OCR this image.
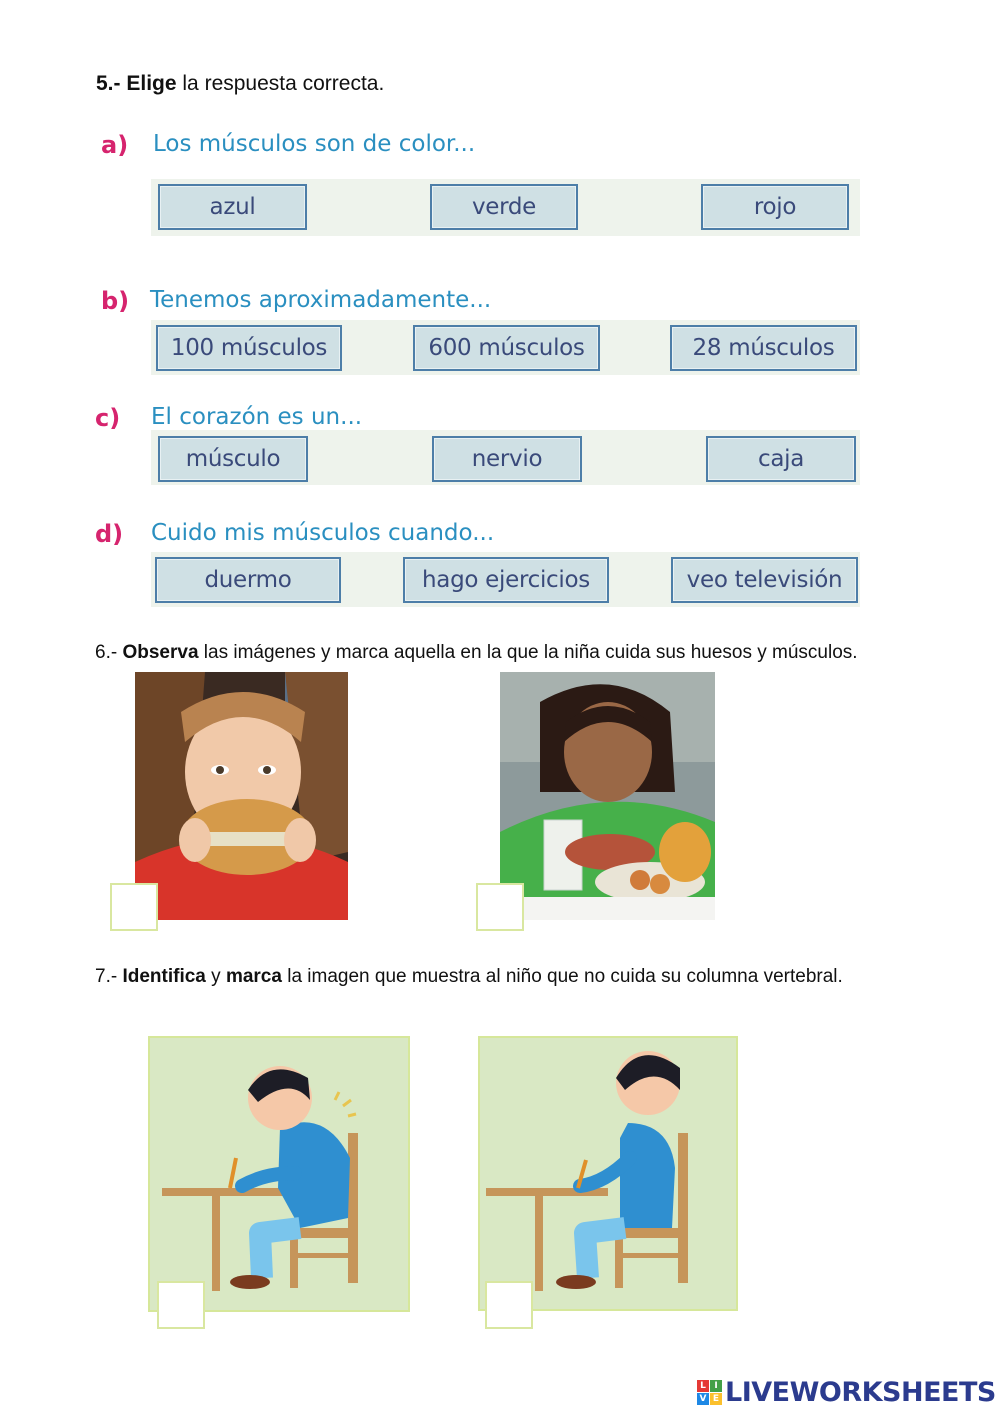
5.- Elige la respuesta correcta.
a) Los músculos son de color...
azul	verde	rojo
b) Tenemos aproximadamente...
100 músculos	600 músculos	28 músculos
c) El corazón es un...
músculo	nervio	caja
d) Cuido mis músculos cuando...
duermo	hago ejercicios	veo televisión
6.- Observa las imágenes y marca aquella en la que la niña cuida sus huesos y músculos.
7.- Identifica y marca la imagen que muestra al niño que no cuida su columna vertebral.
L I
V E LIVEWORKSHEETS
